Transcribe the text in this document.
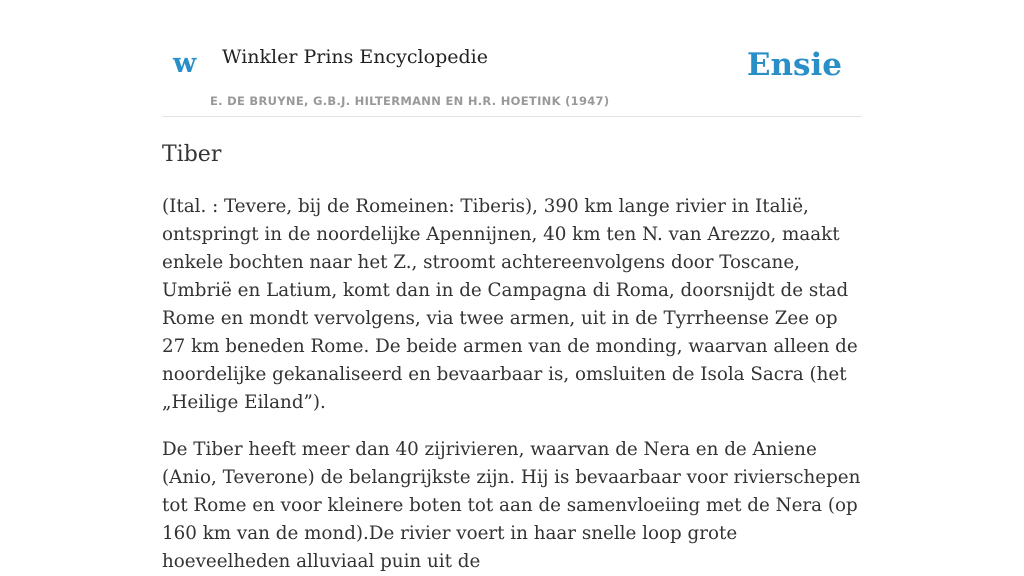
w Winkler Prins Encyclopedie
E. DE BRUYNE, G.B.J. HILTERMANN EN H.R. HOETINK (1947)
Ensie
Tiber

(Ital. : Tevere, bij de Romeinen: Tiberis), 390 km lange rivier in Italië, ontspringt in de noordelijke Apennijnen, 40 km ten N. van Arezzo, maakt enkele bochten naar het Z., stroomt achtereenvolgens door Toscane, Umbrië en Latium, komt dan in de Campagna di Roma, doorsnijdt de stad Rome en mondt vervolgens, via twee armen, uit in de Tyrrheense Zee op 27 km beneden Rome. De beide armen van de monding, waarvan alleen de noordelijke gekanaliseerd en bevaarbaar is, omsluiten de Isola Sacra (het „Heilige Eiland”).

De Tiber heeft meer dan 40 zijrivieren, waarvan de Nera en de Aniene (Anio, Teverone) de belangrijkste zijn. Hij is bevaarbaar voor rivierschepen tot Rome en voor kleinere boten tot aan de samenvloeiing met de Nera (op 160 km van de mond).De rivier voert in haar snelle loop grote hoeveelheden alluviaal puin uit de
